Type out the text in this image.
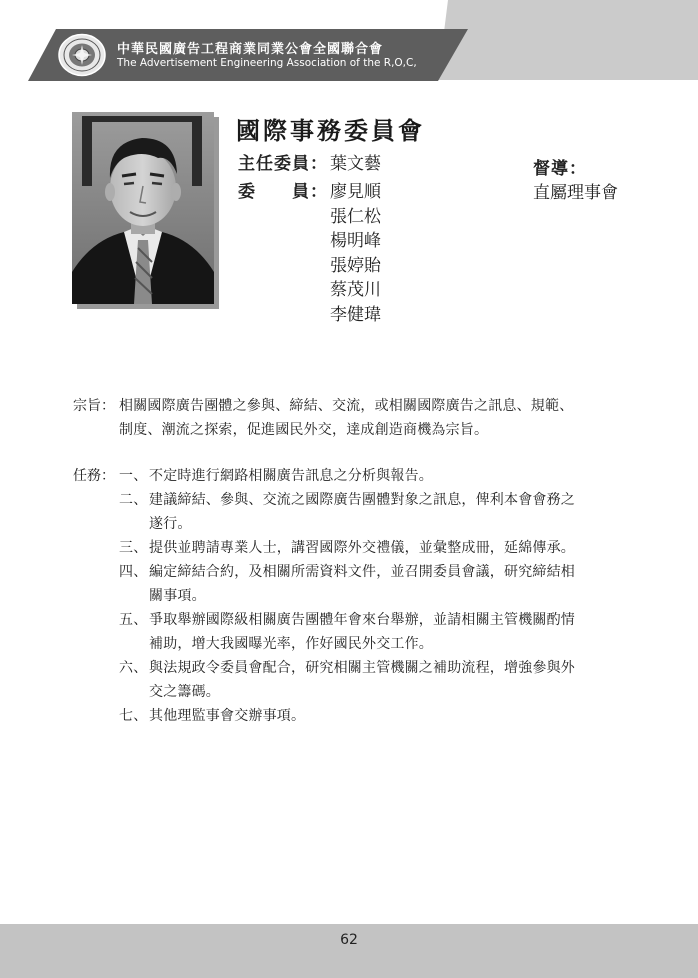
中華民國廣告工程商業同業公會全國聯合會
The Advertisement Engineering Association of the R,O,C,
國際事務委員會
主任委員： 葉文藝
委　　員： 廖見順
張仁松
楊明峰
張婷貽
蔡茂川
李健瑋
督導：
直屬理事會
宗旨： 相關國際廣告團體之參與、締結、交流，或相關國際廣告之訊息、規範、
制度、潮流之探索，促進國民外交，達成創造商機為宗旨。
任務： 一、 不定時進行網路相關廣告訊息之分析與報告。
二、 建議締結、參與、交流之國際廣告團體對象之訊息，俾利本會會務之
遂行。
三、 提供並聘請專業人士，講習國際外交禮儀，並彙整成冊，延綿傳承。
四、 編定締結合約，及相關所需資料文件，並召開委員會議，研究締結相
關事項。
五、 爭取舉辦國際級相關廣告團體年會來台舉辦，並請相關主管機關酌情
補助，增大我國曝光率，作好國民外交工作。
六、 與法規政令委員會配合，研究相關主管機關之補助流程，增強參與外
交之籌碼。
七、 其他理監事會交辦事項。
62
